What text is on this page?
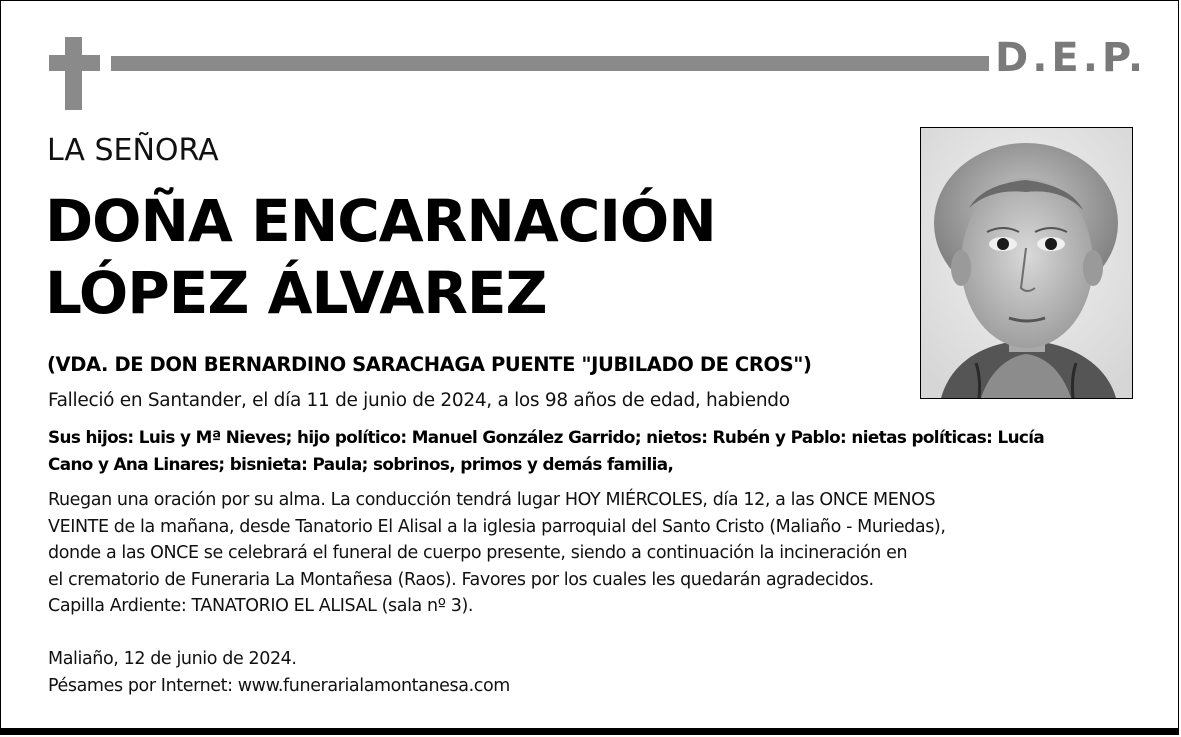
D.E.P.
LA SEÑORA
DOÑA ENCARNACIÓN
LÓPEZ ÁLVAREZ
(VDA. DE DON BERNARDINO SARACHAGA PUENTE "JUBILADO DE CROS")
Falleció en Santander, el día 11 de junio de 2024, a los 98 años de edad, habiendo
Sus hijos: Luis y Mª Nieves; hijo político: Manuel González Garrido; nietos: Rubén y Pablo: nietas políticas: Lucía
Cano y Ana Linares; bisnieta: Paula; sobrinos, primos y demás familia,
Ruegan una oración por su alma. La conducción tendrá lugar HOY MIÉRCOLES, día 12, a las ONCE MENOS
VEINTE de la mañana, desde Tanatorio El Alisal a la iglesia parroquial del Santo Cristo (Maliaño - Muriedas),
donde a las ONCE se celebrará el funeral de cuerpo presente, siendo a continuación la incineración en
el crematorio de Funeraria La Montañesa (Raos). Favores por los cuales les quedarán agradecidos.
Capilla Ardiente: TANATORIO EL ALISAL (sala nº 3).
Maliaño, 12 de junio de 2024.
Pésames por Internet: www.funerarialamontanesa.com
